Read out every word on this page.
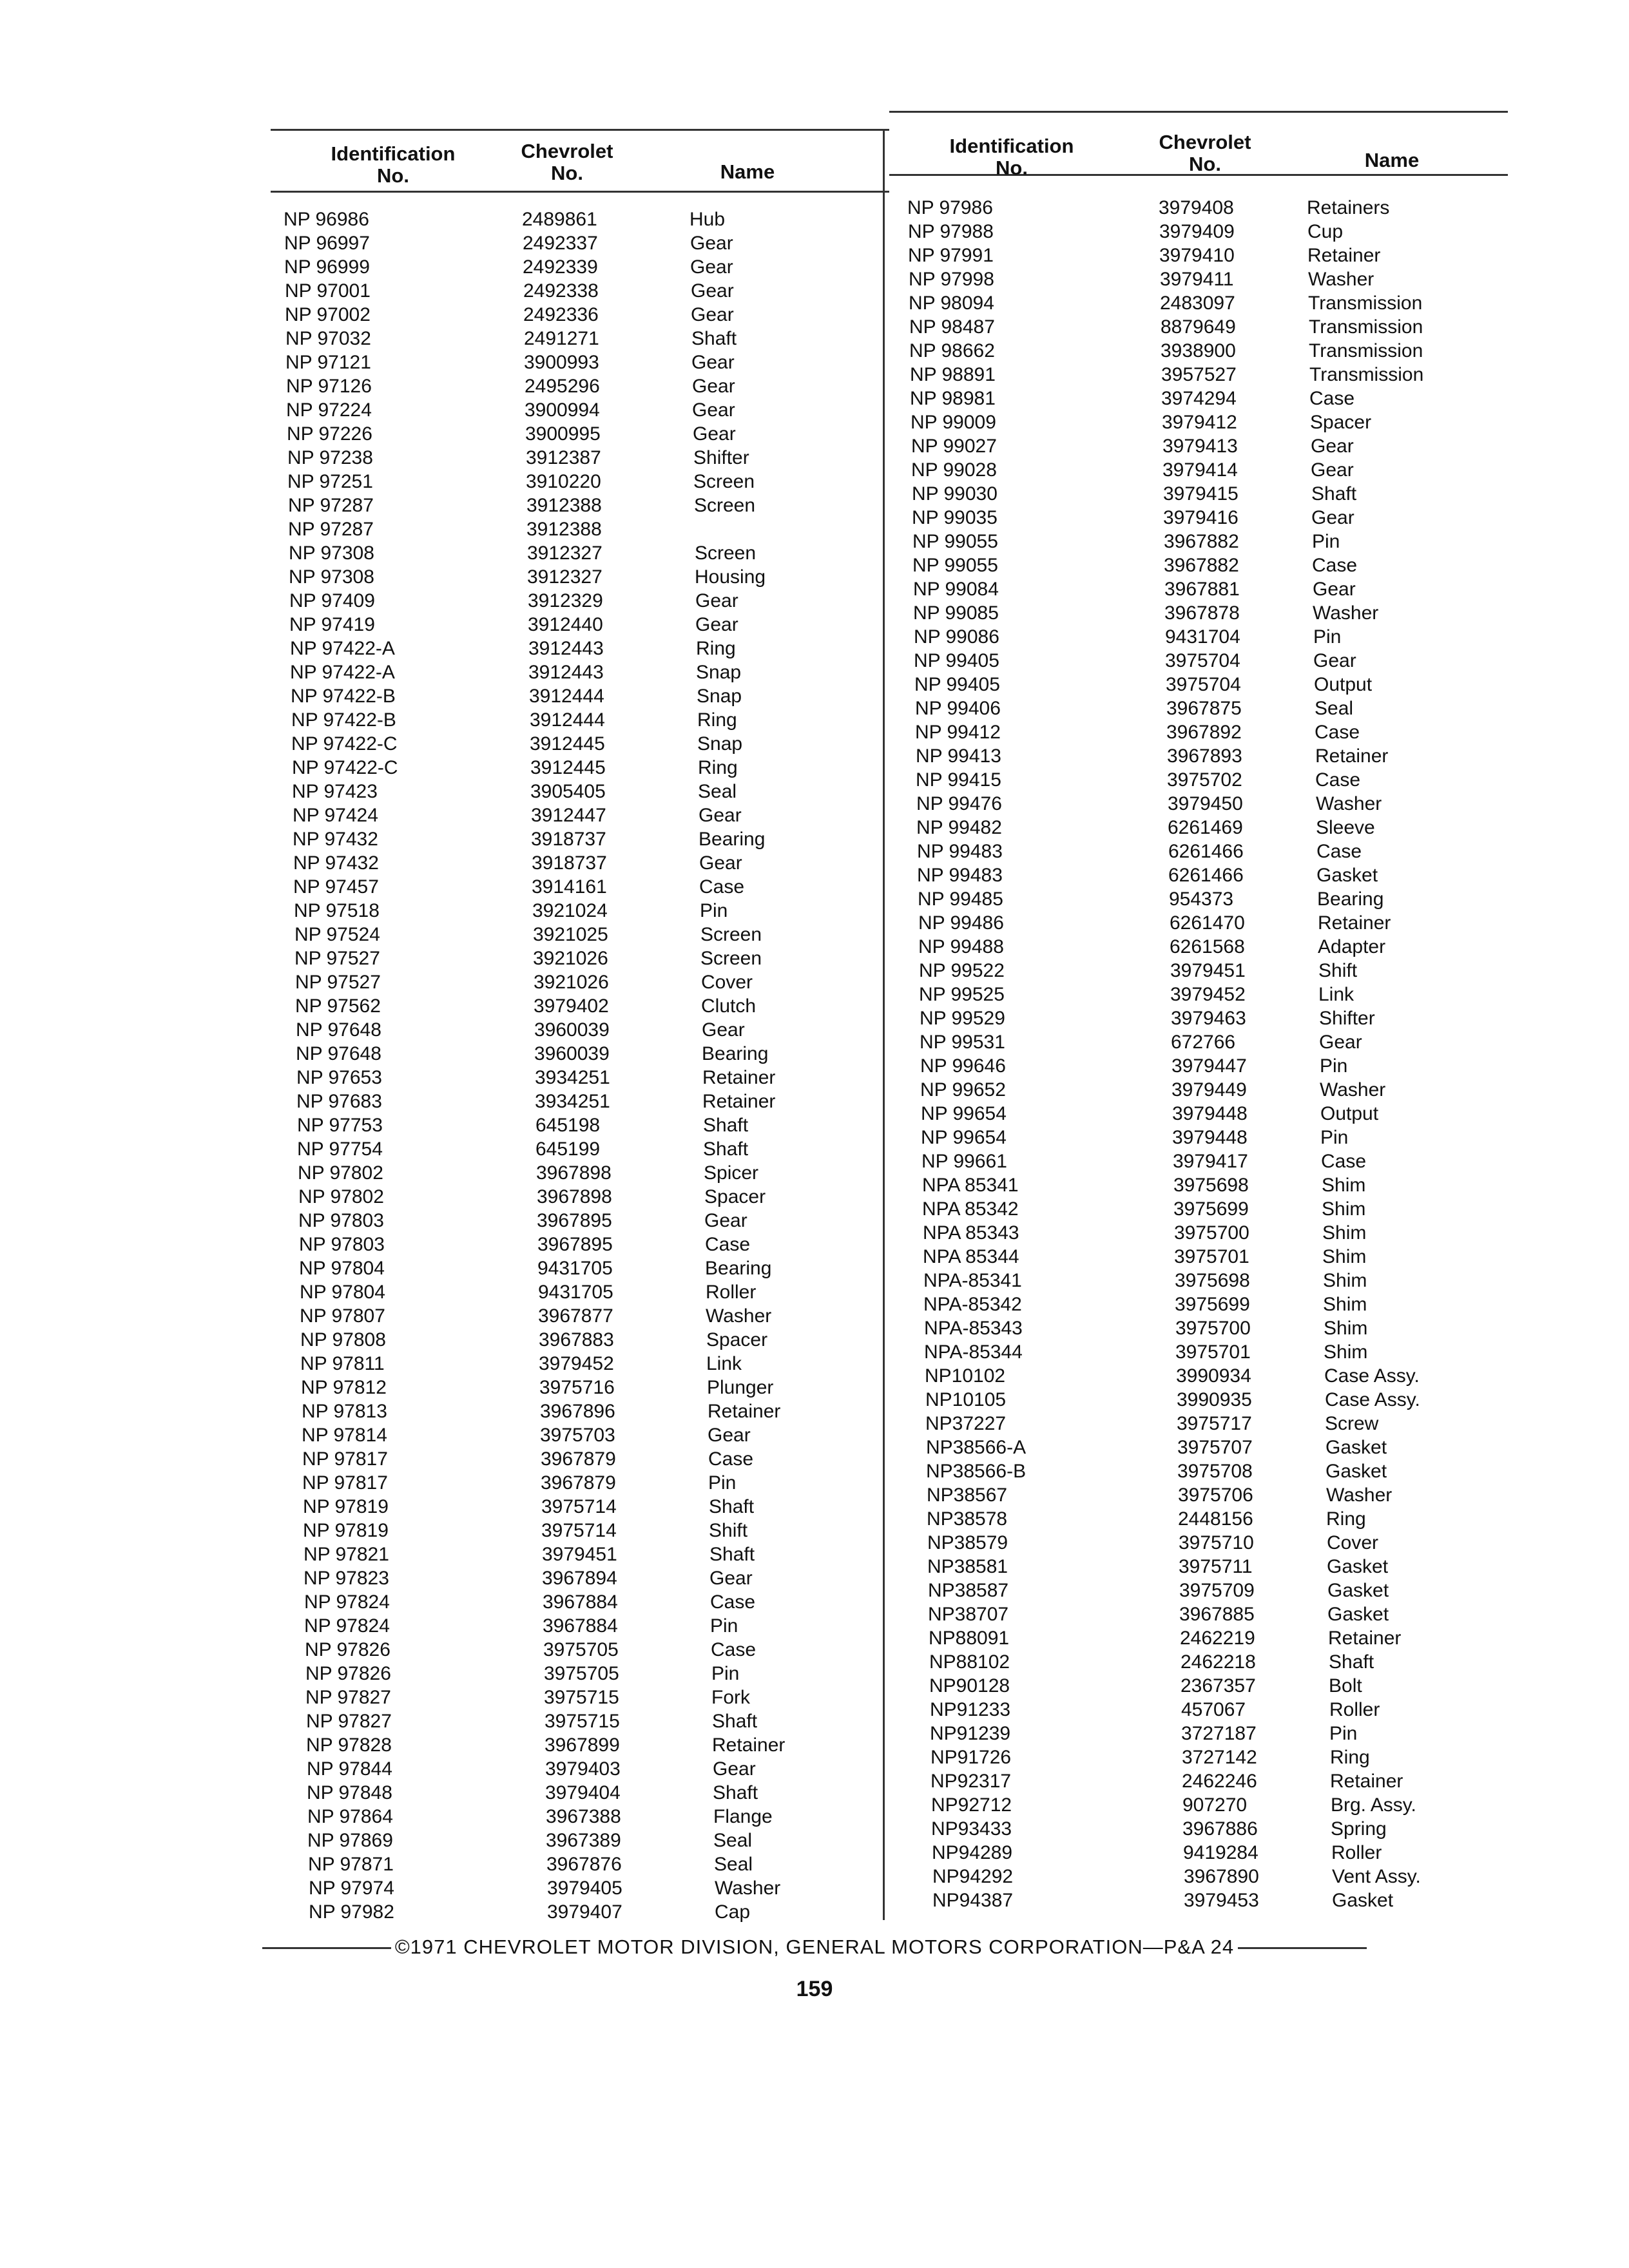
Identification
No.
Chevrolet
No.	Name
Identification
No.
Chevrolet
No.	Name
NP 96986	2489861	Hub
NP 96997	2492337	Gear
NP 96999	2492339	Gear
NP 97001	2492338	Gear
NP 97002	2492336	Gear
NP 97032	2491271	Shaft
NP 97121	3900993	Gear
NP 97126	2495296	Gear
NP 97224	3900994	Gear
NP 97226	3900995	Gear
NP 97238	3912387	Shifter
NP 97251	3910220	Screen
NP 97287	3912388	Screen
NP 97287	3912388
NP 97308	3912327	Screen
NP 97308	3912327	Housing
NP 97409	3912329	Gear
NP 97419	3912440	Gear
NP 97422-A	3912443	Ring
NP 97422-A	3912443	Snap
NP 97422-B	3912444	Snap
NP 97422-B	3912444	Ring
NP 97422-C	3912445	Snap
NP 97422-C	3912445	Ring
NP 97423	3905405	Seal
NP 97424	3912447	Gear
NP 97432	3918737	Bearing
NP 97432	3918737	Gear
NP 97457	3914161	Case
NP 97518	3921024	Pin
NP 97524	3921025	Screen
NP 97527	3921026	Screen
NP 97527	3921026	Cover
NP 97562	3979402	Clutch
NP 97648	3960039	Gear
NP 97648	3960039	Bearing
NP 97653	3934251	Retainer
NP 97683	3934251	Retainer
NP 97753	645198	Shaft
NP 97754	645199	Shaft
NP 97802	3967898	Spicer
NP 97802	3967898	Spacer
NP 97803	3967895	Gear
NP 97803	3967895	Case
NP 97804	9431705	Bearing
NP 97804	9431705	Roller
NP 97807	3967877	Washer
NP 97808	3967883	Spacer
NP 97811	3979452	Link
NP 97812	3975716	Plunger
NP 97813	3967896	Retainer
NP 97814	3975703	Gear
NP 97817	3967879	Case
NP 97817	3967879	Pin
NP 97819	3975714	Shaft
NP 97819	3975714	Shift
NP 97821	3979451	Shaft
NP 97823	3967894	Gear
NP 97824	3967884	Case
NP 97824	3967884	Pin
NP 97826	3975705	Case
NP 97826	3975705	Pin
NP 97827	3975715	Fork
NP 97827	3975715	Shaft
NP 97828	3967899	Retainer
NP 97844	3979403	Gear
NP 97848	3979404	Shaft
NP 97864	3967388	Flange
NP 97869	3967389	Seal
NP 97871	3967876	Seal
NP 97974	3979405	Washer
NP 97982	3979407	Cap
NP 97986	3979408	Retainers
NP 97988	3979409	Cup
NP 97991	3979410	Retainer
NP 97998	3979411	Washer
NP 98094	2483097	Transmission
NP 98487	8879649	Transmission
NP 98662	3938900	Transmission
NP 98891	3957527	Transmission
NP 98981	3974294	Case
NP 99009	3979412	Spacer
NP 99027	3979413	Gear
NP 99028	3979414	Gear
NP 99030	3979415	Shaft
NP 99035	3979416	Gear
NP 99055	3967882	Pin
NP 99055	3967882	Case
NP 99084	3967881	Gear
NP 99085	3967878	Washer
NP 99086	9431704	Pin
NP 99405	3975704	Gear
NP 99405	3975704	Output
NP 99406	3967875	Seal
NP 99412	3967892	Case
NP 99413	3967893	Retainer
NP 99415	3975702	Case
NP 99476	3979450	Washer
NP 99482	6261469	Sleeve
NP 99483	6261466	Case
NP 99483	6261466	Gasket
NP 99485	954373	Bearing
NP 99486	6261470	Retainer
NP 99488	6261568	Adapter
NP 99522	3979451	Shift
NP 99525	3979452	Link
NP 99529	3979463	Shifter
NP 99531	672766	Gear
NP 99646	3979447	Pin
NP 99652	3979449	Washer
NP 99654	3979448	Output
NP 99654	3979448	Pin
NP 99661	3979417	Case
NPA 85341	3975698	Shim
NPA 85342	3975699	Shim
NPA 85343	3975700	Shim
NPA 85344	3975701	Shim
NPA-85341	3975698	Shim
NPA-85342	3975699	Shim
NPA-85343	3975700	Shim
NPA-85344	3975701	Shim
NP10102	3990934	Case Assy.
NP10105	3990935	Case Assy.
NP37227	3975717	Screw
NP38566-A	3975707	Gasket
NP38566-B	3975708	Gasket
NP38567	3975706	Washer
NP38578	2448156	Ring
NP38579	3975710	Cover
NP38581	3975711	Gasket
NP38587	3975709	Gasket
NP38707	3967885	Gasket
NP88091	2462219	Retainer
NP88102	2462218	Shaft
NP90128	2367357	Bolt
NP91233	457067	Roller
NP91239	3727187	Pin
NP91726	3727142	Ring
NP92317	2462246	Retainer
NP92712	907270	Brg. Assy.
NP93433	3967886	Spring
NP94289	9419284	Roller
NP94292	3967890	Vent Assy.
NP94387	3979453	Gasket
©1971 CHEVROLET MOTOR DIVISION, GENERAL MOTORS CORPORATION—P&A 24
159
